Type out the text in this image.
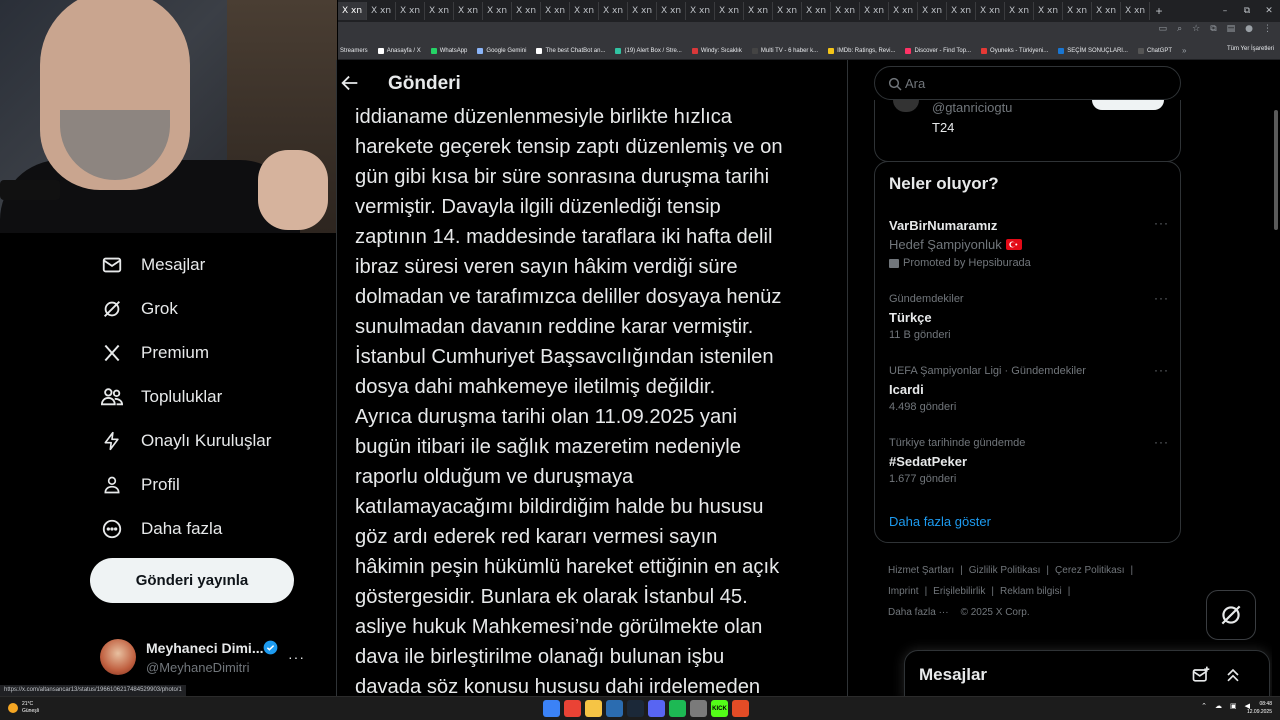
X xn X xn X xn X xn X xn X xn X xn X xn X xn X xn X xn X xn X xn X xn X xn X xn X xn X xn X xn X xn X xn X xn X xn X xn X xn X xn X xn X xn +	–	⧉	✕
▭ ⌕ ☆ ⧉ ▤ ● ⋮
Streamers	Anasayfa / X	WhatsApp	Google Gemini	The best ChatBot an...	(19) Alert Box / Stre...	Windy: Sıcaklık	Multi TV - 6 haber k...	IMDb: Ratings, Revi...	Discover - Find Top...	Oyuneks - Türkiyeni...	SEÇİM SONUÇLARI...	ChatGPT »	Tüm Yer İşaretleri
Mesajlar
Grok
Premium
Topluluklar
Onaylı Kuruluşlar
Profil
Daha fazla
Gönderi yayınla
Meyhaneci Dimi...
@MeyhaneDimitri
···
Gönderi
iddianame düzenlenmesiyle birlikte hızlıca
harekete geçerek tensip zaptı düzenlemiş ve on
gün gibi kısa bir süre sonrasına duruşma tarihi
vermiştir. Davayla ilgili düzenlediği tensip
zaptının 14. maddesinde taraflara iki hafta delil
ibraz süresi veren sayın hâkim verdiği süre
dolmadan ve tarafımızca deliller dosyaya henüz
sunulmadan davanın reddine karar vermiştir.
İstanbul Cumhuriyet Başsavcılığından istenilen
dosya dahi mahkemeye iletilmiş değildir.
Ayrıca duruşma tarihi olan 11.09.2025 yani
bugün itibari ile sağlık mazeretim nedeniyle
raporlu olduğum ve duruşmaya
katılamayacağımı bildirdiğim halde bu hususu
göz ardı ederek red kararı vermesi sayın
hâkimin peşin hükümlü hareket ettiğinin en açık
göstergesidir. Bunlara ek olarak İstanbul 45.
asliye hukuk Mahkemesi’nde görülmekte olan
dava ile birleştirilme olanağı bulunan işbu
davada söz konusu hususu dahi irdelemeden
Ara
@gtanriciogtu
T24
Neler oluyor?
VarBirNumaramız
Hedef Şampiyonluk
Promoted by Hepsiburada
···
Gündemdekiler
Türkçe
11 B gönderi
···
UEFA Şampiyonlar Ligi · Gündemdekiler
Icardi
4.498 gönderi
···
Türkiye tarihinde gündemde
#SedatPeker
1.677 gönderi
···
Daha fazla göster
Hizmet Şartları | Gizlilik Politikası | Çerez Politikası |
Imprint | Erişilebilirlik | Reklam bilgisi |
Daha fazla ··· © 2025 X Corp.
Mesajlar
https://x.com/altansancar13/status/1966106217484529903/photo/1
21°C
Güneşli	KICK	⌃ ☁ ▣ ◀	08:48
12.09.2025
